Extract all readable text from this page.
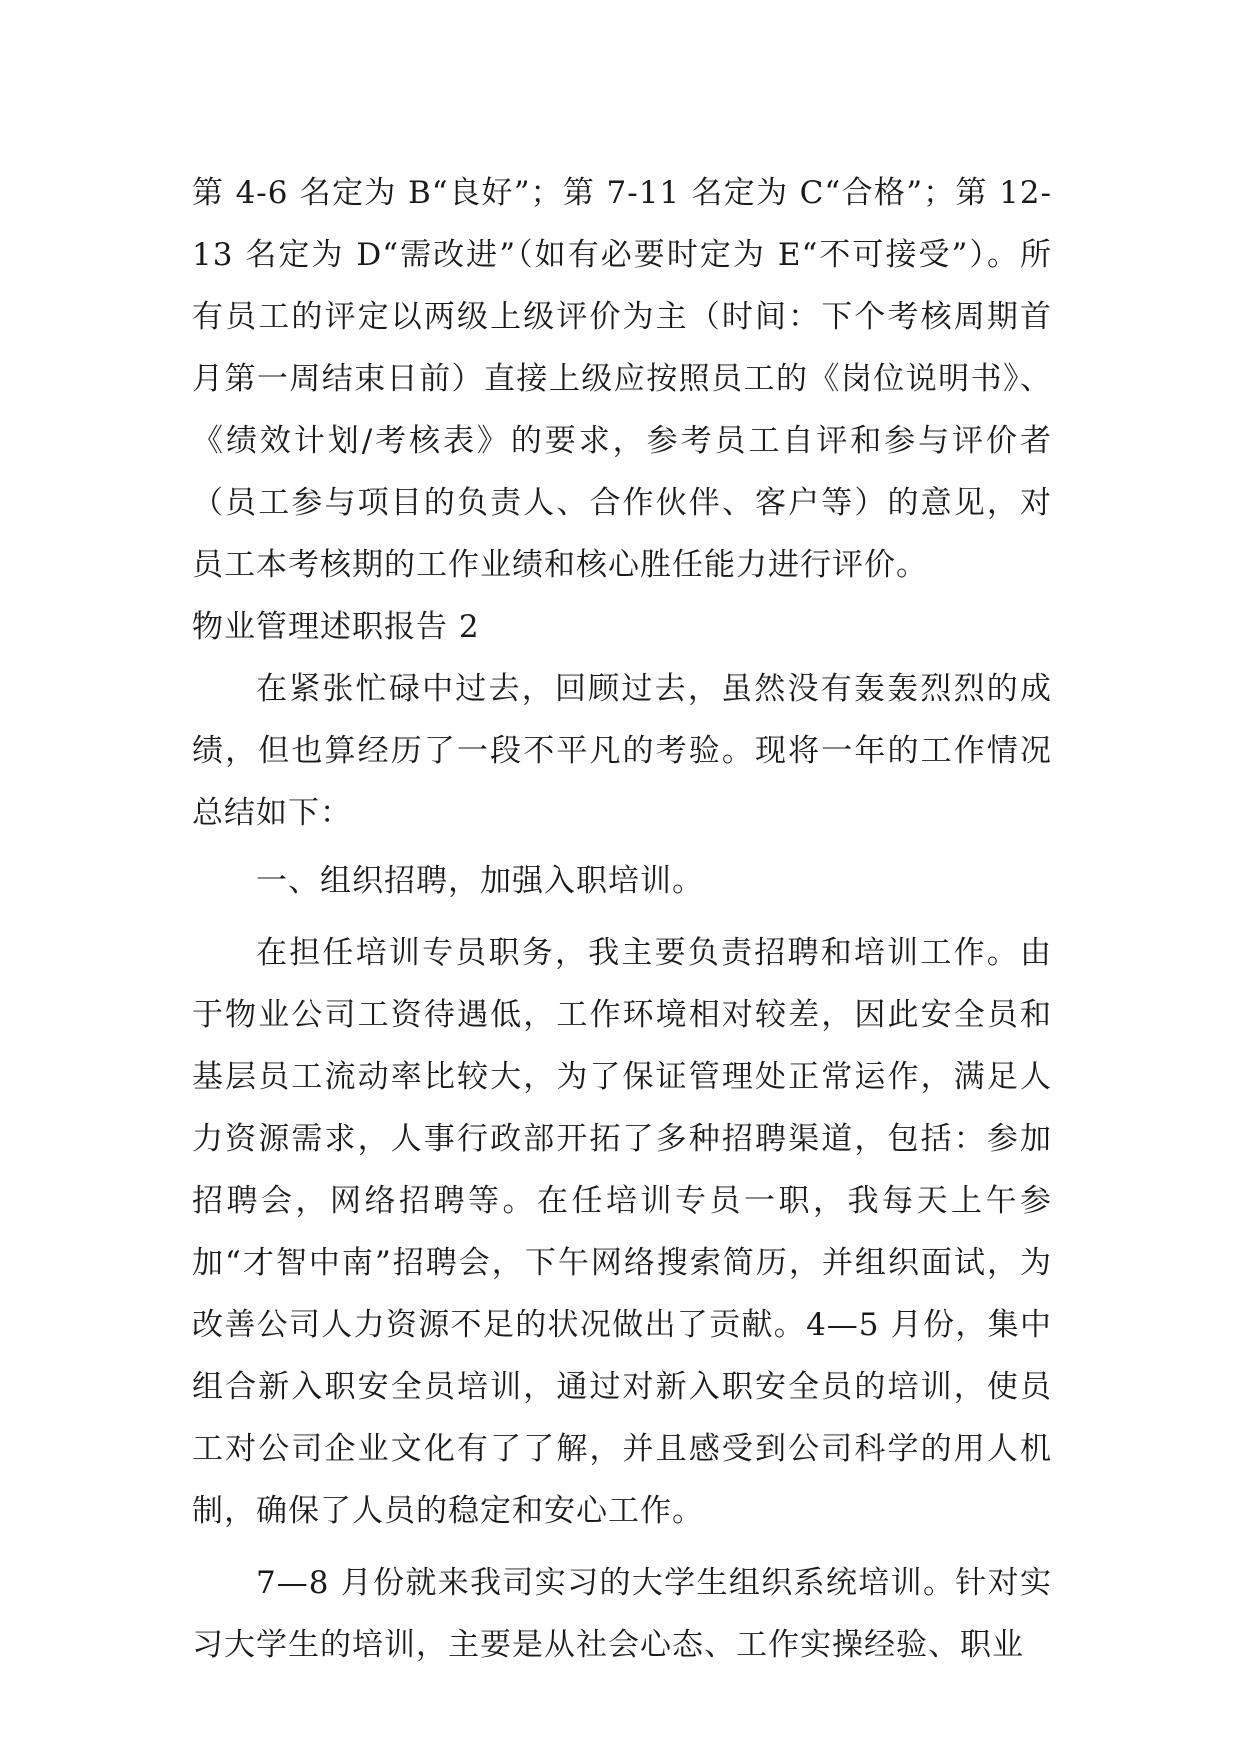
第 4-6 名定为 B“良好”；第 7-11 名定为 C“合格”；第 12-13 名定为 D“需改进”（如有必要时定为 E“不可接受”）。所有员工的评定以两级上级评价为主（时间：下个考核周期首月第一周结束日前）直接上级应按照员工的《岗位说明书》、《绩效计划/考核表》的要求，参考员工自评和参与评价者（员工参与项目的负责人、合作伙伴、客户等）的意见，对员工本考核期的工作业绩和核心胜任能力进行评价。

物业管理述职报告 2

在紧张忙碌中过去，回顾过去，虽然没有轰轰烈烈的成绩，但也算经历了一段不平凡的考验。现将一年的工作情况总结如下：

一、组织招聘，加强入职培训。

在担任培训专员职务，我主要负责招聘和培训工作。由于物业公司工资待遇低，工作环境相对较差，因此安全员和基层员工流动率比较大，为了保证管理处正常运作，满足人力资源需求，人事行政部开拓了多种招聘渠道，包括：参加招聘会，网络招聘等。在任培训专员一职，我每天上午参加“才智中南”招聘会，下午网络搜索简历，并组织面试，为改善公司人力资源不足的状况做出了贡献。4—5 月份，集中组合新入职安全员培训，通过对新入职安全员的培训，使员工对公司企业文化有了了解，并且感受到公司科学的用人机制，确保了人员的稳定和安心工作。

7—8 月份就来我司实习的大学生组织系统培训。针对实习大学生的培训，主要是从社会心态、工作实操经验、职业
